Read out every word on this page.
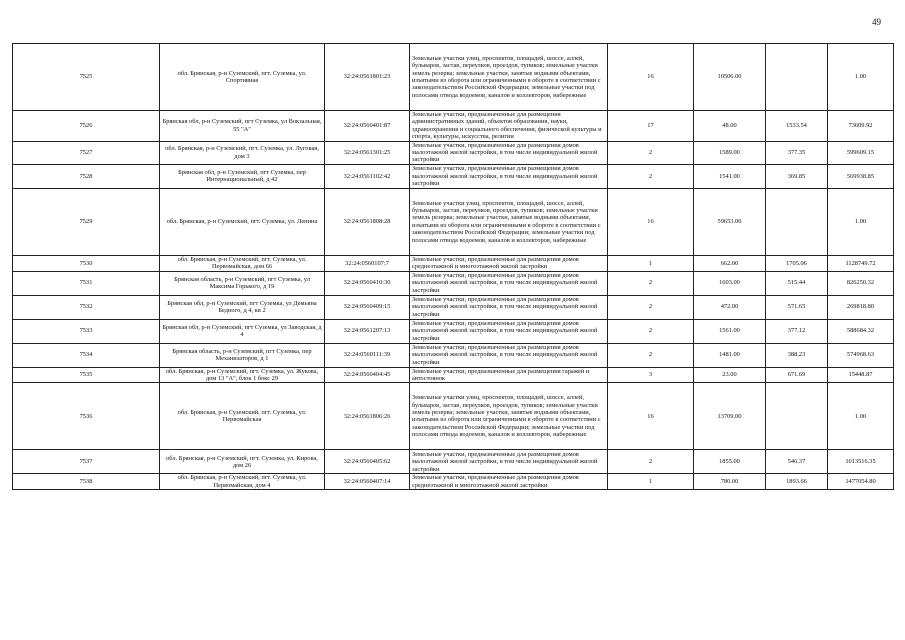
49
7525	обл. Брянская, р-н Суземский, пгт. Суземка, ул. Спортивная	32:24:0561801:23	Земельные участки улиц, проспектов, площадей, шоссе, аллей, бульваров, застав, переулков, проездов, тупиков; земельные участки земель резерва; земельные участки, занятые водными объектами, изъятыми из оборота или ограниченными в обороте в соответствии с законодательством Российской Федерации; земельные участки под полосами отвода водоемов, каналов и коллекторов, набережные	16	10506.00		1.00
7526	Брянская обл, р-н Суземский, пгт Суземка, ул Вокзальная, 55 "А"	32:24:0560401:87	Земельные участки, предназначенные для размещения административных зданий, объектов образования, науки, здравоохранения и социального обеспечения, физической культуры и спорта, культуры, искусства, религии	17	48.00	1533.54	73609.92
7527	обл. Брянская, р-н Суземский, пгт. Суземка, ул. Луговая, дом 3	32:24:0561301:25	Земельные участки, предназначенные для размещения домов малоэтажной жилой застройки, в том числе индивидуальной жилой застройки	2	1589.00	377.35	599609.15
7528	Брянская обл, р-н Суземский, пгт Суземка, пер Интернациональный, д 42	32:24:0561102:42	Земельные участки, предназначенные для размещения домов малоэтажной жилой застройки, в том числе индивидуальной жилой застройки	2	1541.00	369.85	569938.85
7529	обл. Брянская, р-н Суземский, пгт. Суземка, ул. Ленина	32:24:0561808:28	Земельные участки улиц, проспектов, площадей, шоссе, аллей, бульваров, застав, переулков, проездов, тупиков; земельные участки земель резерва; земельные участки, занятые водными объектами, изъятыми из оборота или ограниченными в обороте в соответствии с законодательством Российской Федерации; земельные участки под полосами отвода водоемов, каналов и коллекторов, набережные	16	59653.00		1.00
7530	обл. Брянская, р-н Суземский, пгт. Суземка, ул. Первомайская, дом 66	32:24:0560107:7	Земельные участки, предназначенные для размещения домов среднеэтажной и многоэтажной жилой застройки	1	662.00	1705.06	1128749.72
7531	Брянская область, р-н Суземский, пгт Суземка, ул Максима Горького, д 19	32:24:0560410:30	Земельные участки, предназначенные для размещения домов малоэтажной жилой застройки, в том числе индивидуальной жилой застройки	2	1603.00	515.44	826250.32
7532	Брянская обл, р-н Суземский, пгт Суземка, ул Демьяна Бедного, д 4, кв 2	32:24:0560409:15	Земельные участки, предназначенные для размещения домов малоэтажной жилой застройки, в том числе индивидуальной жилой застройки	2	472.00	571.65	269818.80
7533	Брянская обл, р-н Суземский, пгт Суземка, ул Заводская, д 4	32:24:0561207:13	Земельные участки, предназначенные для размещения домов малоэтажной жилой застройки, в том числе индивидуальной жилой застройки	2	1561.00	377.12	588684.32
7534	Брянская область, р-н Суземский, пгт Суземка, пер Механизаторов, д 1	32:24:0560111:39	Земельные участки, предназначенные для размещения домов малоэтажной жилой застройки, в том числе индивидуальной жилой застройки	2	1481.00	388.23	574968.63
7535	обл. Брянская, р-н Суземский, пгт. Суземка, ул. Жукова, дом 13 "А", блок 1 бокс 29	32:24:0560404:45	Земельные участки, предназначенные для размещения гаражей и автостоянок	3	23.00	671.69	15448.87
7536	обл. Брянская, р-н Суземский, пгт. Суземка, ул. Первомайская	32:24:0561806:26	Земельные участки улиц, проспектов, площадей, шоссе, аллей, бульваров, застав, переулков, проездов, тупиков; земельные участки земель резерва; земельные участки, занятые водными объектами, изъятыми из оборота или ограниченными в обороте в соответствии с законодательством Российской Федерации; земельные участки под полосами отвода водоемов, каналов и коллекторов, набережные	16	13709.00		1.00
7537	обл. Брянская, р-н Суземский, пгт. Суземка, ул. Кирова, дом 26	32:24:0560405:62	Земельные участки, предназначенные для размещения домов малоэтажной жилой застройки, в том числе индивидуальной жилой застройки	2	1855.00	546.37	1013516.35
7538	обл. Брянская, р-н Суземский, пгт. Суземка, ул. Первомайская, дом 4	32:24:0560407:14	Земельные участки, предназначенные для размещения домов среднеэтажной и многоэтажной жилой застройки	1	780.00	1893.66	1477054.80
